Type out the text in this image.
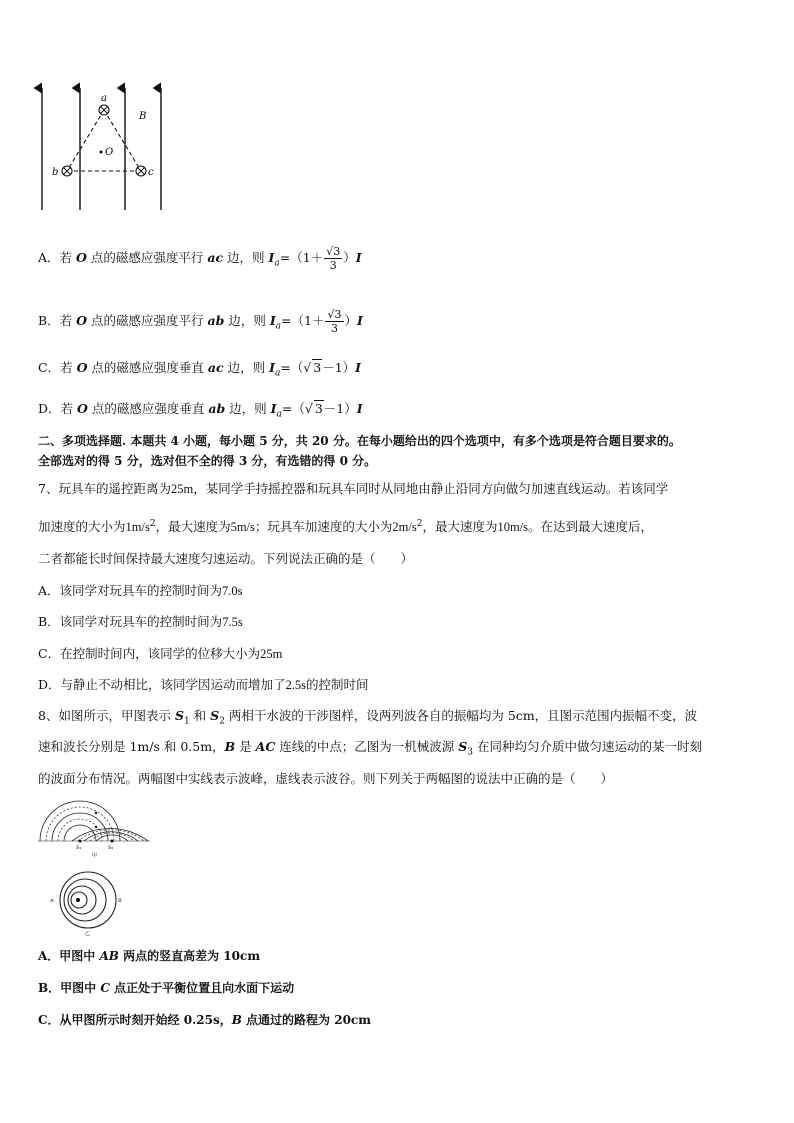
a
b	c
O
B
A．若 O 点的磁感应强度平行 ac 边，则 $I_a=(1+ \frac{√3}{3} )I$
B．若 O 点的磁感应强度平行 ab 边，则 $I_a=(1+ \frac{√3}{3} )I$
C．若 O 点的磁感应强度垂直 ac 边，则 $I_a=(√$ 3－1）I
D．若 O 点的磁感应强度垂直 ab 边，则 $I_a=(√$ 3－1）I
二、多项选择题. 本题共 4 小题，每小题 5 分，共 20 分。在每小题给出的四个选项中，有多个选项是符合题目要求的。
全部选对的得 5 分，选对但不全的得 3 分，有选错的得 0 分。
7、玩具车的遥控距离为25m，某同学手持摇控器和玩具车同时从同地由静止沿同方向做匀加速直线运动。若该同学
加速度的大小为$1m/s^2$，最大速度为5m/s；玩具车加速度的大小为$2m/s^2$，最大速度为10m/s。在达到最大速度后，
二者都能长时间保持最大速度匀速运动。下列说法正确的是（　　）
A．该同学对玩具车的控制时间为7.0s
B．该同学对玩具车的控制时间为7.5s
C．在控制时间内，该同学的位移大小为25m
D．与静止不动相比，该同学因运动而增加了2.5s的控制时间
8、如图所示，甲图表示 $S_1$ 和 $S_2$ 两相干水波的干涉图样，设两列波各自的振幅均为 5cm，且图示范围内振幅不变，波
速和波长分别是 1m/s 和 0.5m，B 是 AC 连线的中点；乙图为一机械波源 $S_3$ 在同种均匀介质中做匀速运动的某一时刻
的波面分布情况。两幅图中实线表示波峰，虚线表示波谷。则下列关于两幅图的说法中正确的是（　　）
S₁	S₂
甲
A	B
乙
A．甲图中 AB 两点的竖直高差为 10cm
B．甲图中 C 点正处于平衡位置且向水面下运动
C．从甲图所示时刻开始经 0.25s，B 点通过的路程为 20cm
